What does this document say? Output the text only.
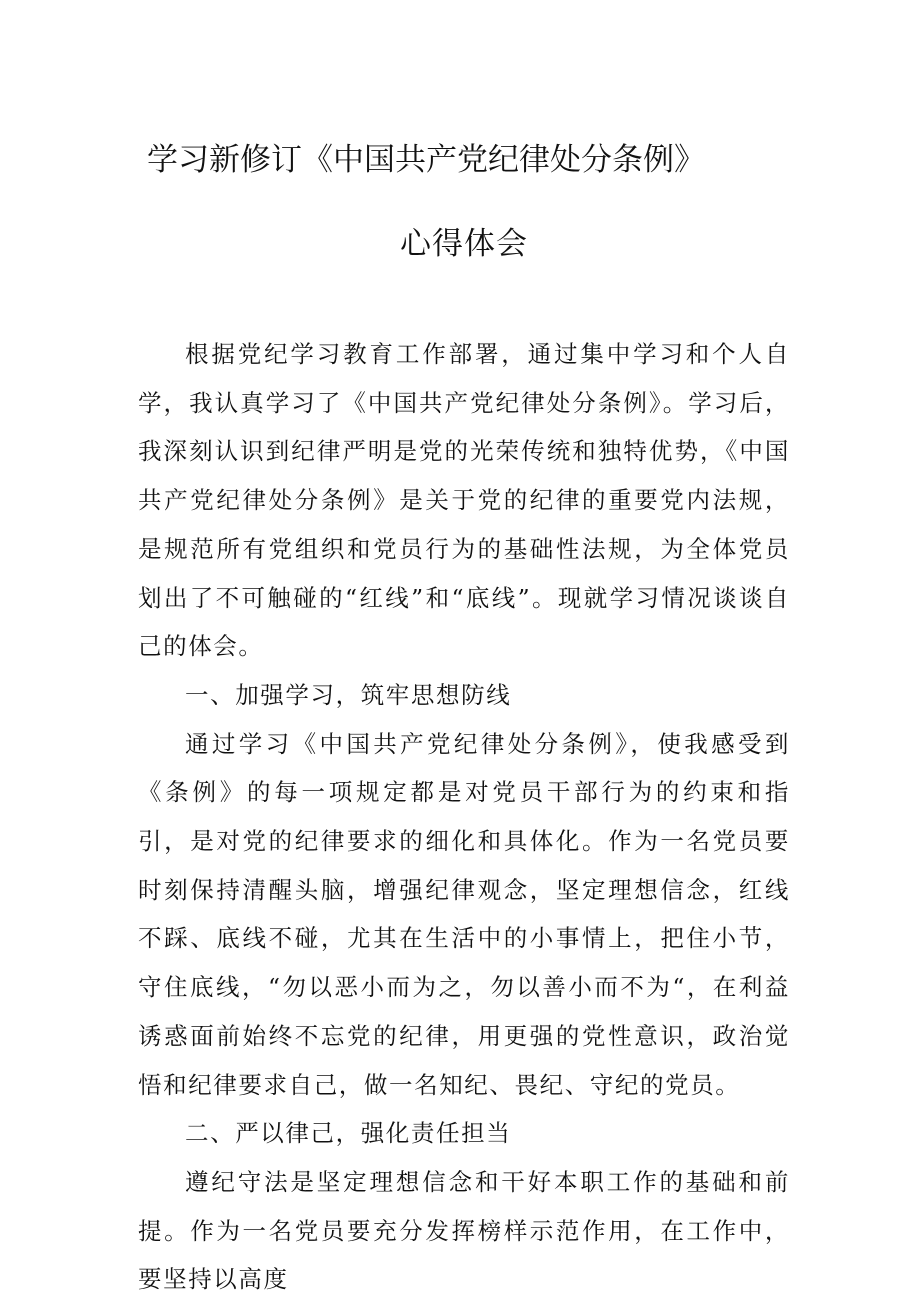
学习新修订《中国共产党纪律处分条例》
心得体会

根据党纪学习教育工作部署，通过集中学习和个人自学，我认真学习了《中国共产党纪律处分条例》。学习后，我深刻认识到纪律严明是党的光荣传统和独特优势，《中国共产党纪律处分条例》是关于党的纪律的重要党内法规，是规范所有党组织和党员行为的基础性法规，为全体党员划出了不可触碰的“红线”和“底线”。现就学习情况谈谈自己的体会。

一、加强学习，筑牢思想防线

通过学习《中国共产党纪律处分条例》，使我感受到《条例》的每一项规定都是对党员干部行为的约束和指引，是对党的纪律要求的细化和具体化。作为一名党员要时刻保持清醒头脑，增强纪律观念，坚定理想信念，红线不踩、底线不碰，尤其在生活中的小事情上，把住小节，守住底线，“勿以恶小而为之，勿以善小而不为“，在利益诱惑面前始终不忘党的纪律，用更强的党性意识，政治觉悟和纪律要求自己，做一名知纪、畏纪、守纪的党员。

二、严以律己，强化责任担当

遵纪守法是坚定理想信念和干好本职工作的基础和前提。作为一名党员要充分发挥榜样示范作用，在工作中，要坚持以高度
